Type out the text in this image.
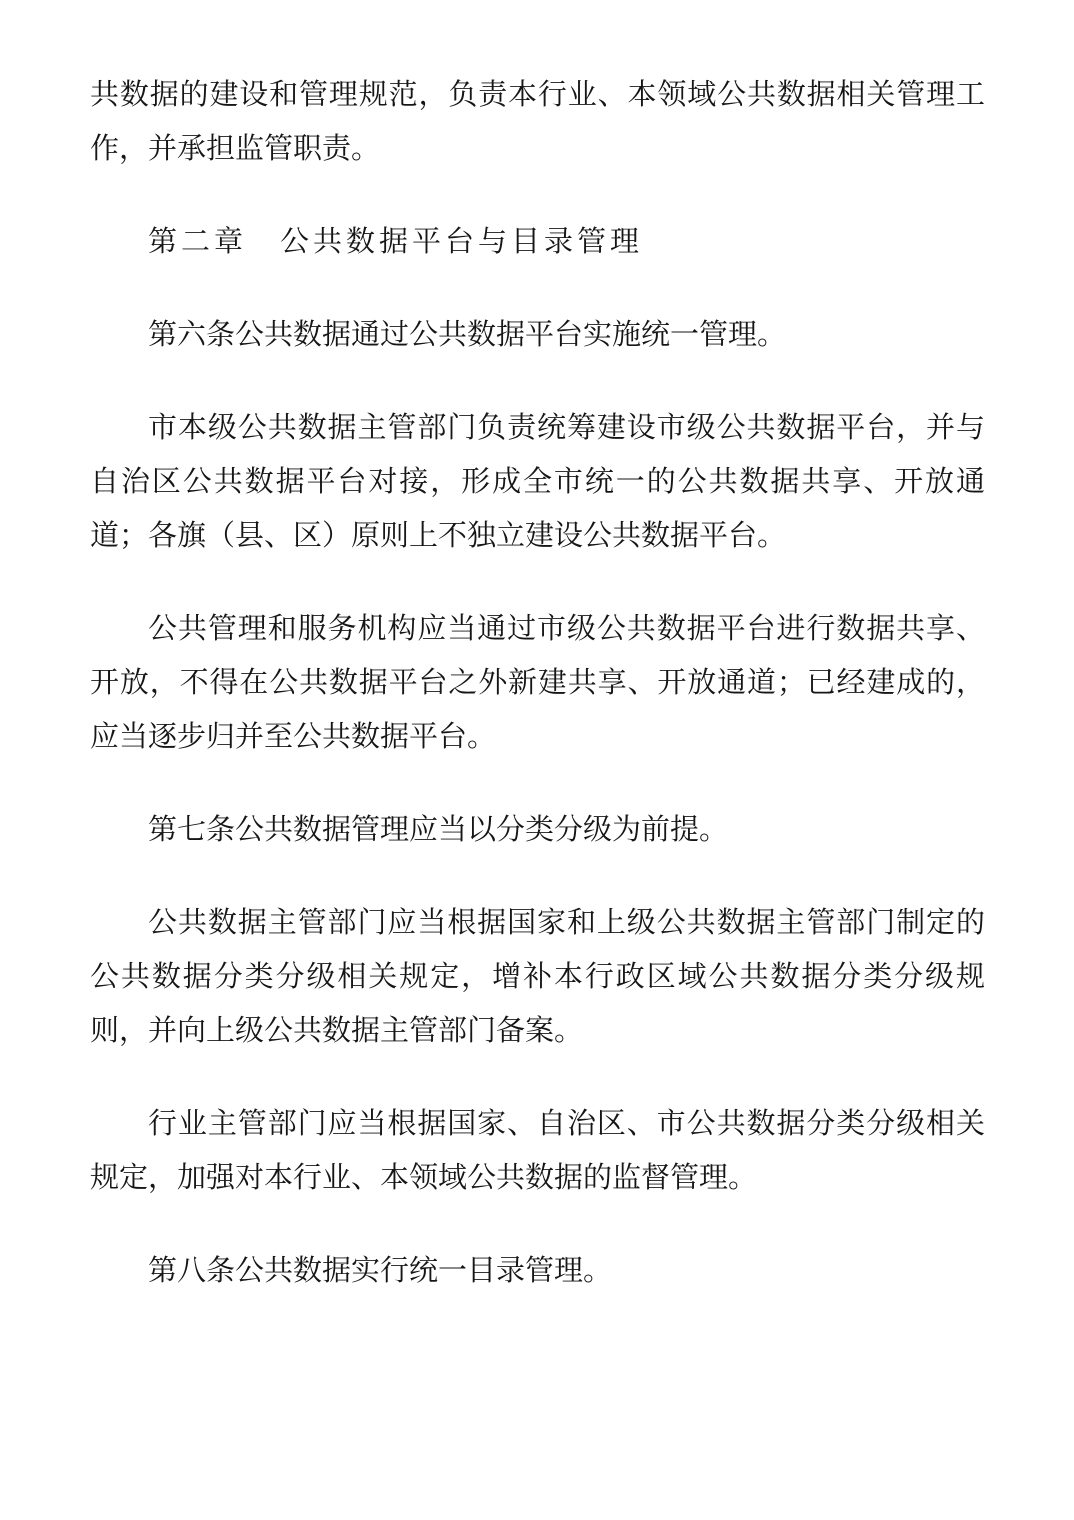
共数据的建设和管理规范，负责本行业、本领域公共数据相关管理工作，并承担监管职责。

第二章　公共数据平台与目录管理

第六条公共数据通过公共数据平台实施统一管理。

市本级公共数据主管部门负责统筹建设市级公共数据平台，并与自治区公共数据平台对接，形成全市统一的公共数据共享、开放通道；各旗（县、区）原则上不独立建设公共数据平台。

公共管理和服务机构应当通过市级公共数据平台进行数据共享、开放，不得在公共数据平台之外新建共享、开放通道；已经建成的，应当逐步归并至公共数据平台。

第七条公共数据管理应当以分类分级为前提。

公共数据主管部门应当根据国家和上级公共数据主管部门制定的公共数据分类分级相关规定，增补本行政区域公共数据分类分级规则，并向上级公共数据主管部门备案。

行业主管部门应当根据国家、自治区、市公共数据分类分级相关规定，加强对本行业、本领域公共数据的监督管理。

第八条公共数据实行统一目录管理。
